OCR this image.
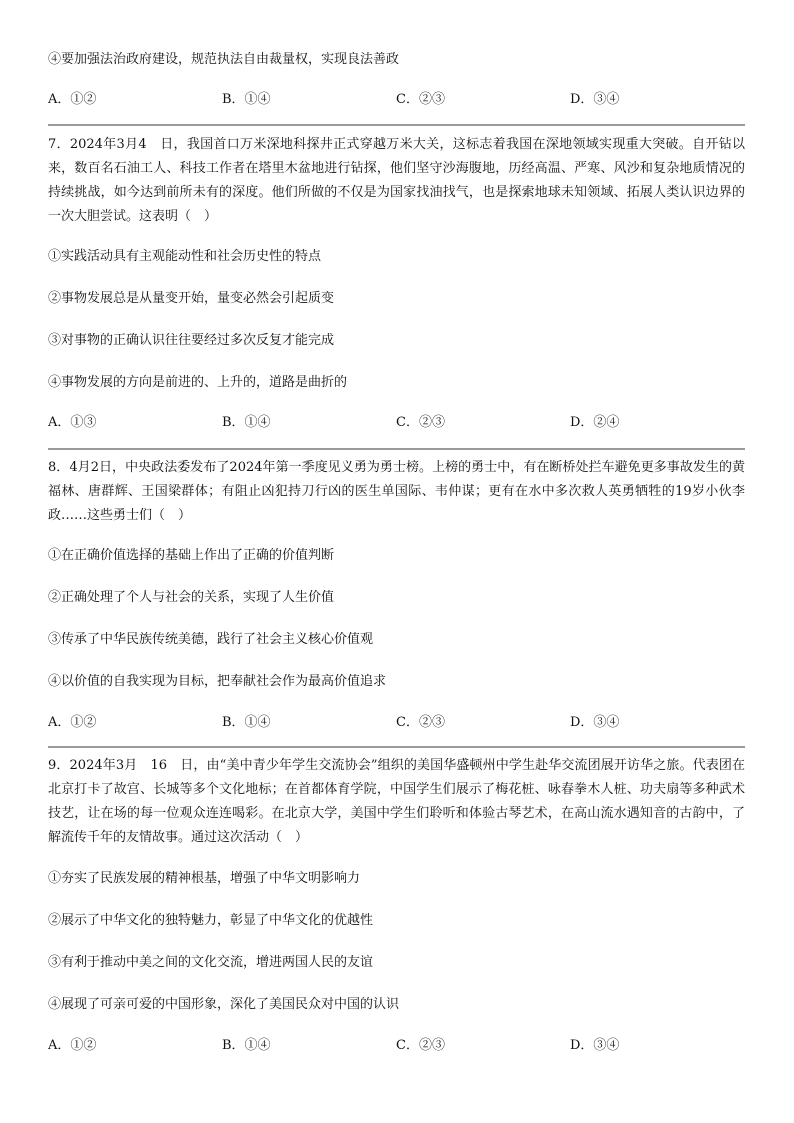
④要加强法治政府建设，规范执法自由裁量权，实现良法善政
A．①②	B．①④	C．②③	D．③④
7．2024年3月4　日，我国首口万米深地科探井正式穿越万米大关，这标志着我国在深地领域实现重大突破。自开钻以来，数百名石油工人、科技工作者在塔里木盆地进行钻探，他们坚守沙海腹地，历经高温、严寒、风沙和复杂地质情况的持续挑战，如今达到前所未有的深度。他们所做的不仅是为国家找油找气，也是探索地球未知领域、拓展人类认识边界的一次大胆尝试。这表明（　）
①实践活动具有主观能动性和社会历史性的特点
②事物发展总是从量变开始，量变必然会引起质变
③对事物的正确认识往往要经过多次反复才能完成
④事物发展的方向是前进的、上升的，道路是曲折的
A．①③	B．①④	C．②③	D．②④
8．4月2日，中央政法委发布了2024年第一季度见义勇为勇士榜。上榜的勇士中，有在断桥处拦车避免更多事故发生的黄福林、唐群辉、王国梁群体；有阻止凶犯持刀行凶的医生单国际、韦仲谋；更有在水中多次救人英勇牺牲的19岁小伙李政……这些勇士们（　）
①在正确价值选择的基础上作出了正确的价值判断
②正确处理了个人与社会的关系，实现了人生价值
③传承了中华民族传统美德，践行了社会主义核心价值观
④以价值的自我实现为目标，把奉献社会作为最高价值追求
A．①②	B．①④	C．②③	D．③④
9．2024年3月　16　日，由“美中青少年学生交流协会”组织的美国华盛顿州中学生赴华交流团展开访华之旅。代表团在北京打卡了故宫、长城等多个文化地标；在首都体育学院，中国学生们展示了梅花桩、咏春拳木人桩、功夫扇等多种武术技艺，让在场的每一位观众连连喝彩。在北京大学，美国中学生们聆听和体验古琴艺术，在高山流水遇知音的古韵中，了解流传千年的友情故事。通过这次活动（　）
①夯实了民族发展的精神根基，增强了中华文明影响力
②展示了中华文化的独特魅力，彰显了中华文化的优越性
③有利于推动中美之间的文化交流，增进两国人民的友谊
④展现了可亲可爱的中国形象，深化了美国民众对中国的认识
A．①②	B．①④	C．②③	D．③④
